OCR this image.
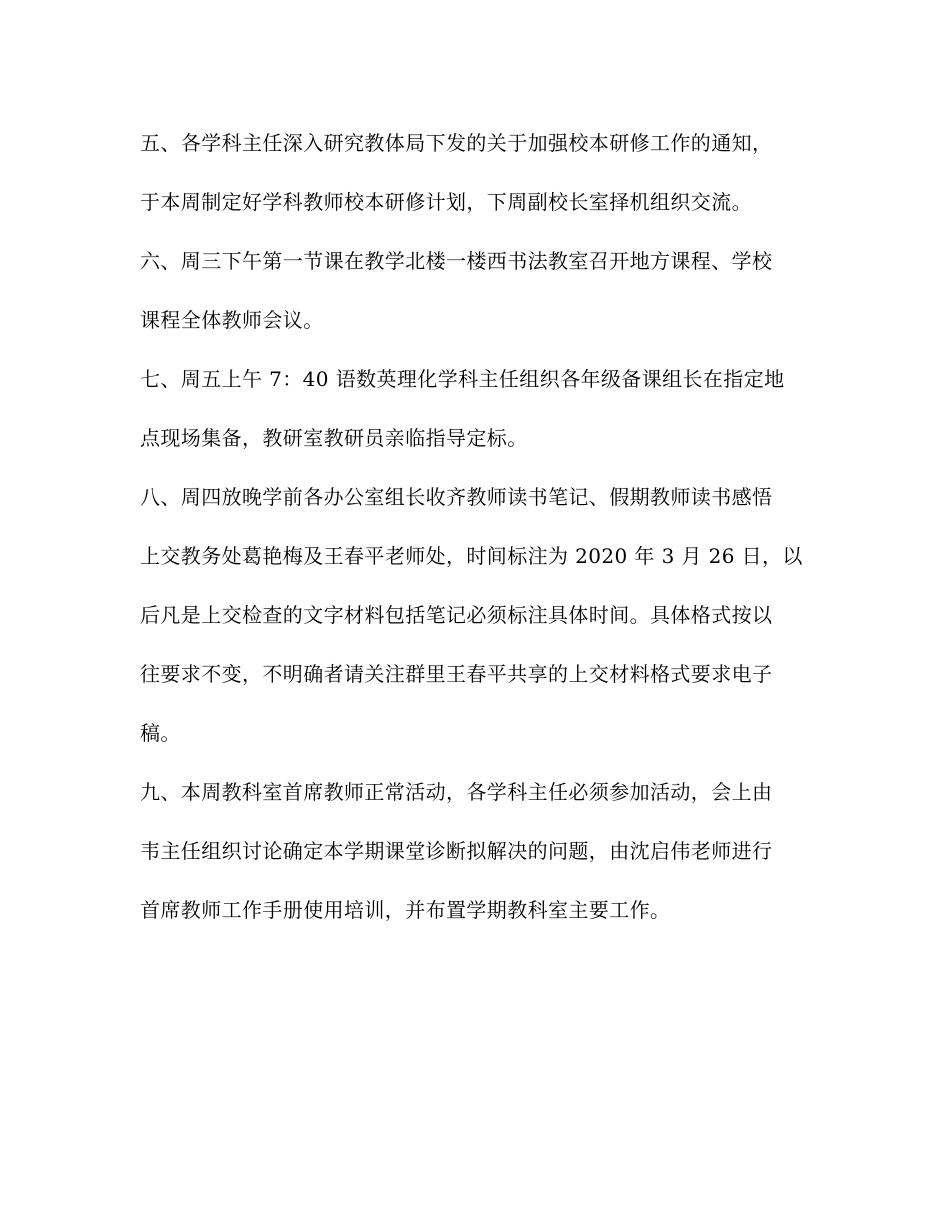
五、各学科主任深入研究教体局下发的关于加强校本研修工作的通知，
于本周制定好学科教师校本研修计划，下周副校长室择机组织交流。
六、周三下午第一节课在教学北楼一楼西书法教室召开地方课程、学校
课程全体教师会议。
七、周五上午 7：40 语数英理化学科主任组织各年级备课组长在指定地
点现场集备，教研室教研员亲临指导定标。
八、周四放晚学前各办公室组长收齐教师读书笔记、假期教师读书感悟
上交教务处葛艳梅及王春平老师处，时间标注为 2020 年 3 月 26 日，以
后凡是上交检查的文字材料包括笔记必须标注具体时间。具体格式按以
往要求不变，不明确者请关注群里王春平共享的上交材料格式要求电子
稿。
九、本周教科室首席教师正常活动，各学科主任必须参加活动，会上由
韦主任组织讨论确定本学期课堂诊断拟解决的问题，由沈启伟老师进行
首席教师工作手册使用培训，并布置学期教科室主要工作。
